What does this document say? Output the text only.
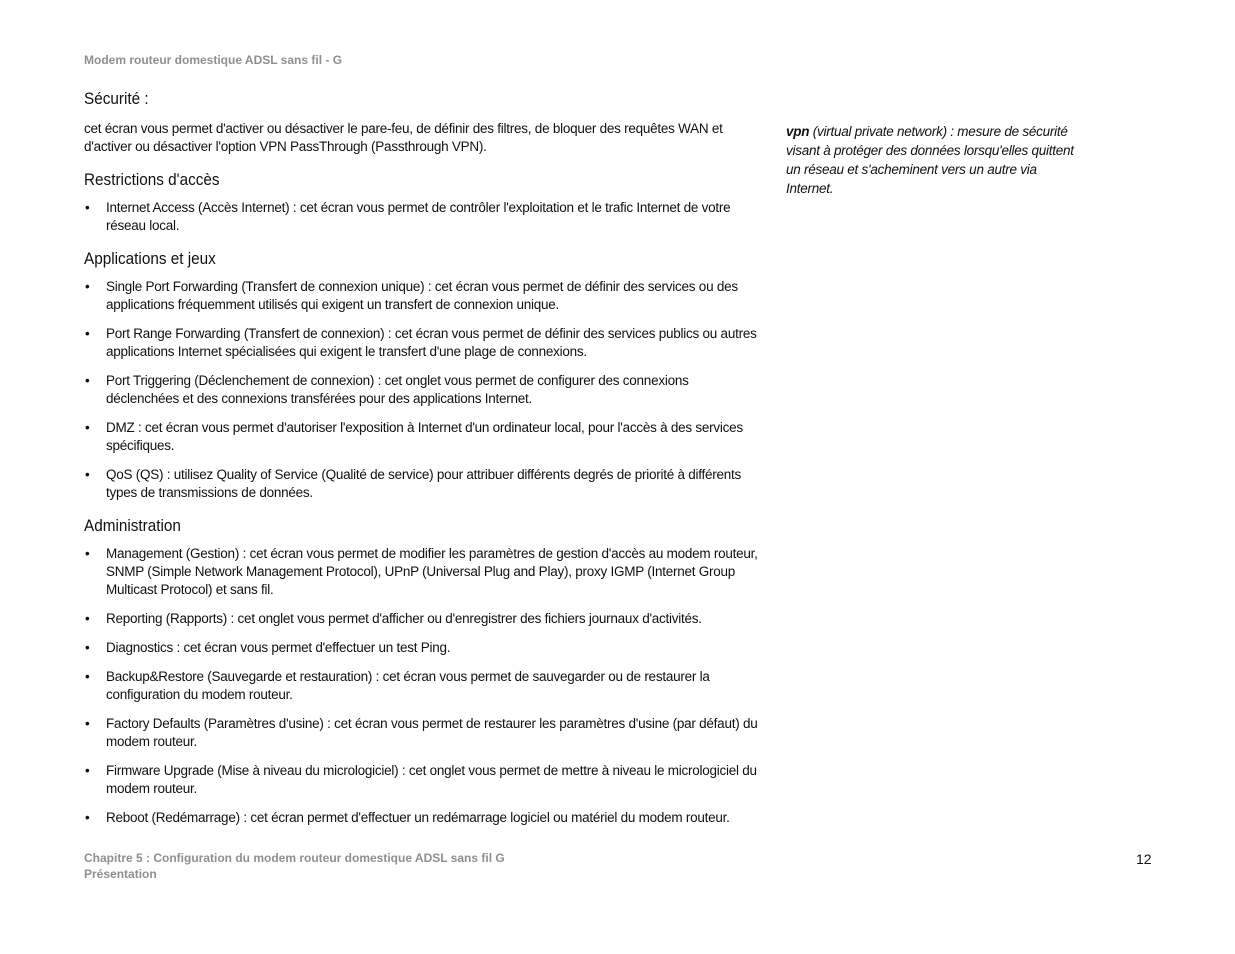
Modem routeur domestique ADSL sans fil - G
Sécurité :

cet écran vous permet d'activer ou désactiver le pare-feu, de définir des filtres, de bloquer des requêtes WAN et d'activer ou désactiver l'option VPN PassThrough (Passthrough VPN).

Restrictions d'accès
• Internet Access (Accès Internet) : cet écran vous permet de contrôler l'exploitation et le trafic Internet de votre réseau local.
Applications et jeux
• Single Port Forwarding (Transfert de connexion unique) : cet écran vous permet de définir des services ou des applications fréquemment utilisés qui exigent un transfert de connexion unique.
• Port Range Forwarding (Transfert de connexion) : cet écran vous permet de définir des services publics ou autres applications Internet spécialisées qui exigent le transfert d'une plage de connexions.
• Port Triggering (Déclenchement de connexion) : cet onglet vous permet de configurer des connexions déclenchées et des connexions transférées pour des applications Internet.
• DMZ : cet écran vous permet d'autoriser l'exposition à Internet d'un ordinateur local, pour l'accès à des services spécifiques.
• QoS (QS) : utilisez Quality of Service (Qualité de service) pour attribuer différents degrés de priorité à différents types de transmissions de données.
Administration
• Management (Gestion) : cet écran vous permet de modifier les paramètres de gestion d'accès au modem routeur, SNMP (Simple Network Management Protocol), UPnP (Universal Plug and Play), proxy IGMP (Internet Group Multicast Protocol) et sans fil.
• Reporting (Rapports) : cet onglet vous permet d'afficher ou d'enregistrer des fichiers journaux d'activités.
• Diagnostics : cet écran vous permet d'effectuer un test Ping.
• Backup&Restore (Sauvegarde et restauration) : cet écran vous permet de sauvegarder ou de restaurer la configuration du modem routeur.
• Factory Defaults (Paramètres d'usine) : cet écran vous permet de restaurer les paramètres d'usine (par défaut) du modem routeur.
• Firmware Upgrade (Mise à niveau du micrologiciel) : cet onglet vous permet de mettre à niveau le micrologiciel du modem routeur.
• Reboot (Redémarrage) : cet écran permet d'effectuer un redémarrage logiciel ou matériel du modem routeur.
vpn (virtual private network) : mesure de sécurité visant à protéger des données lorsqu'elles quittent un réseau et s'acheminent vers un autre via Internet.
Chapitre 5 : Configuration du modem routeur domestique ADSL sans fil G
Présentation
12
